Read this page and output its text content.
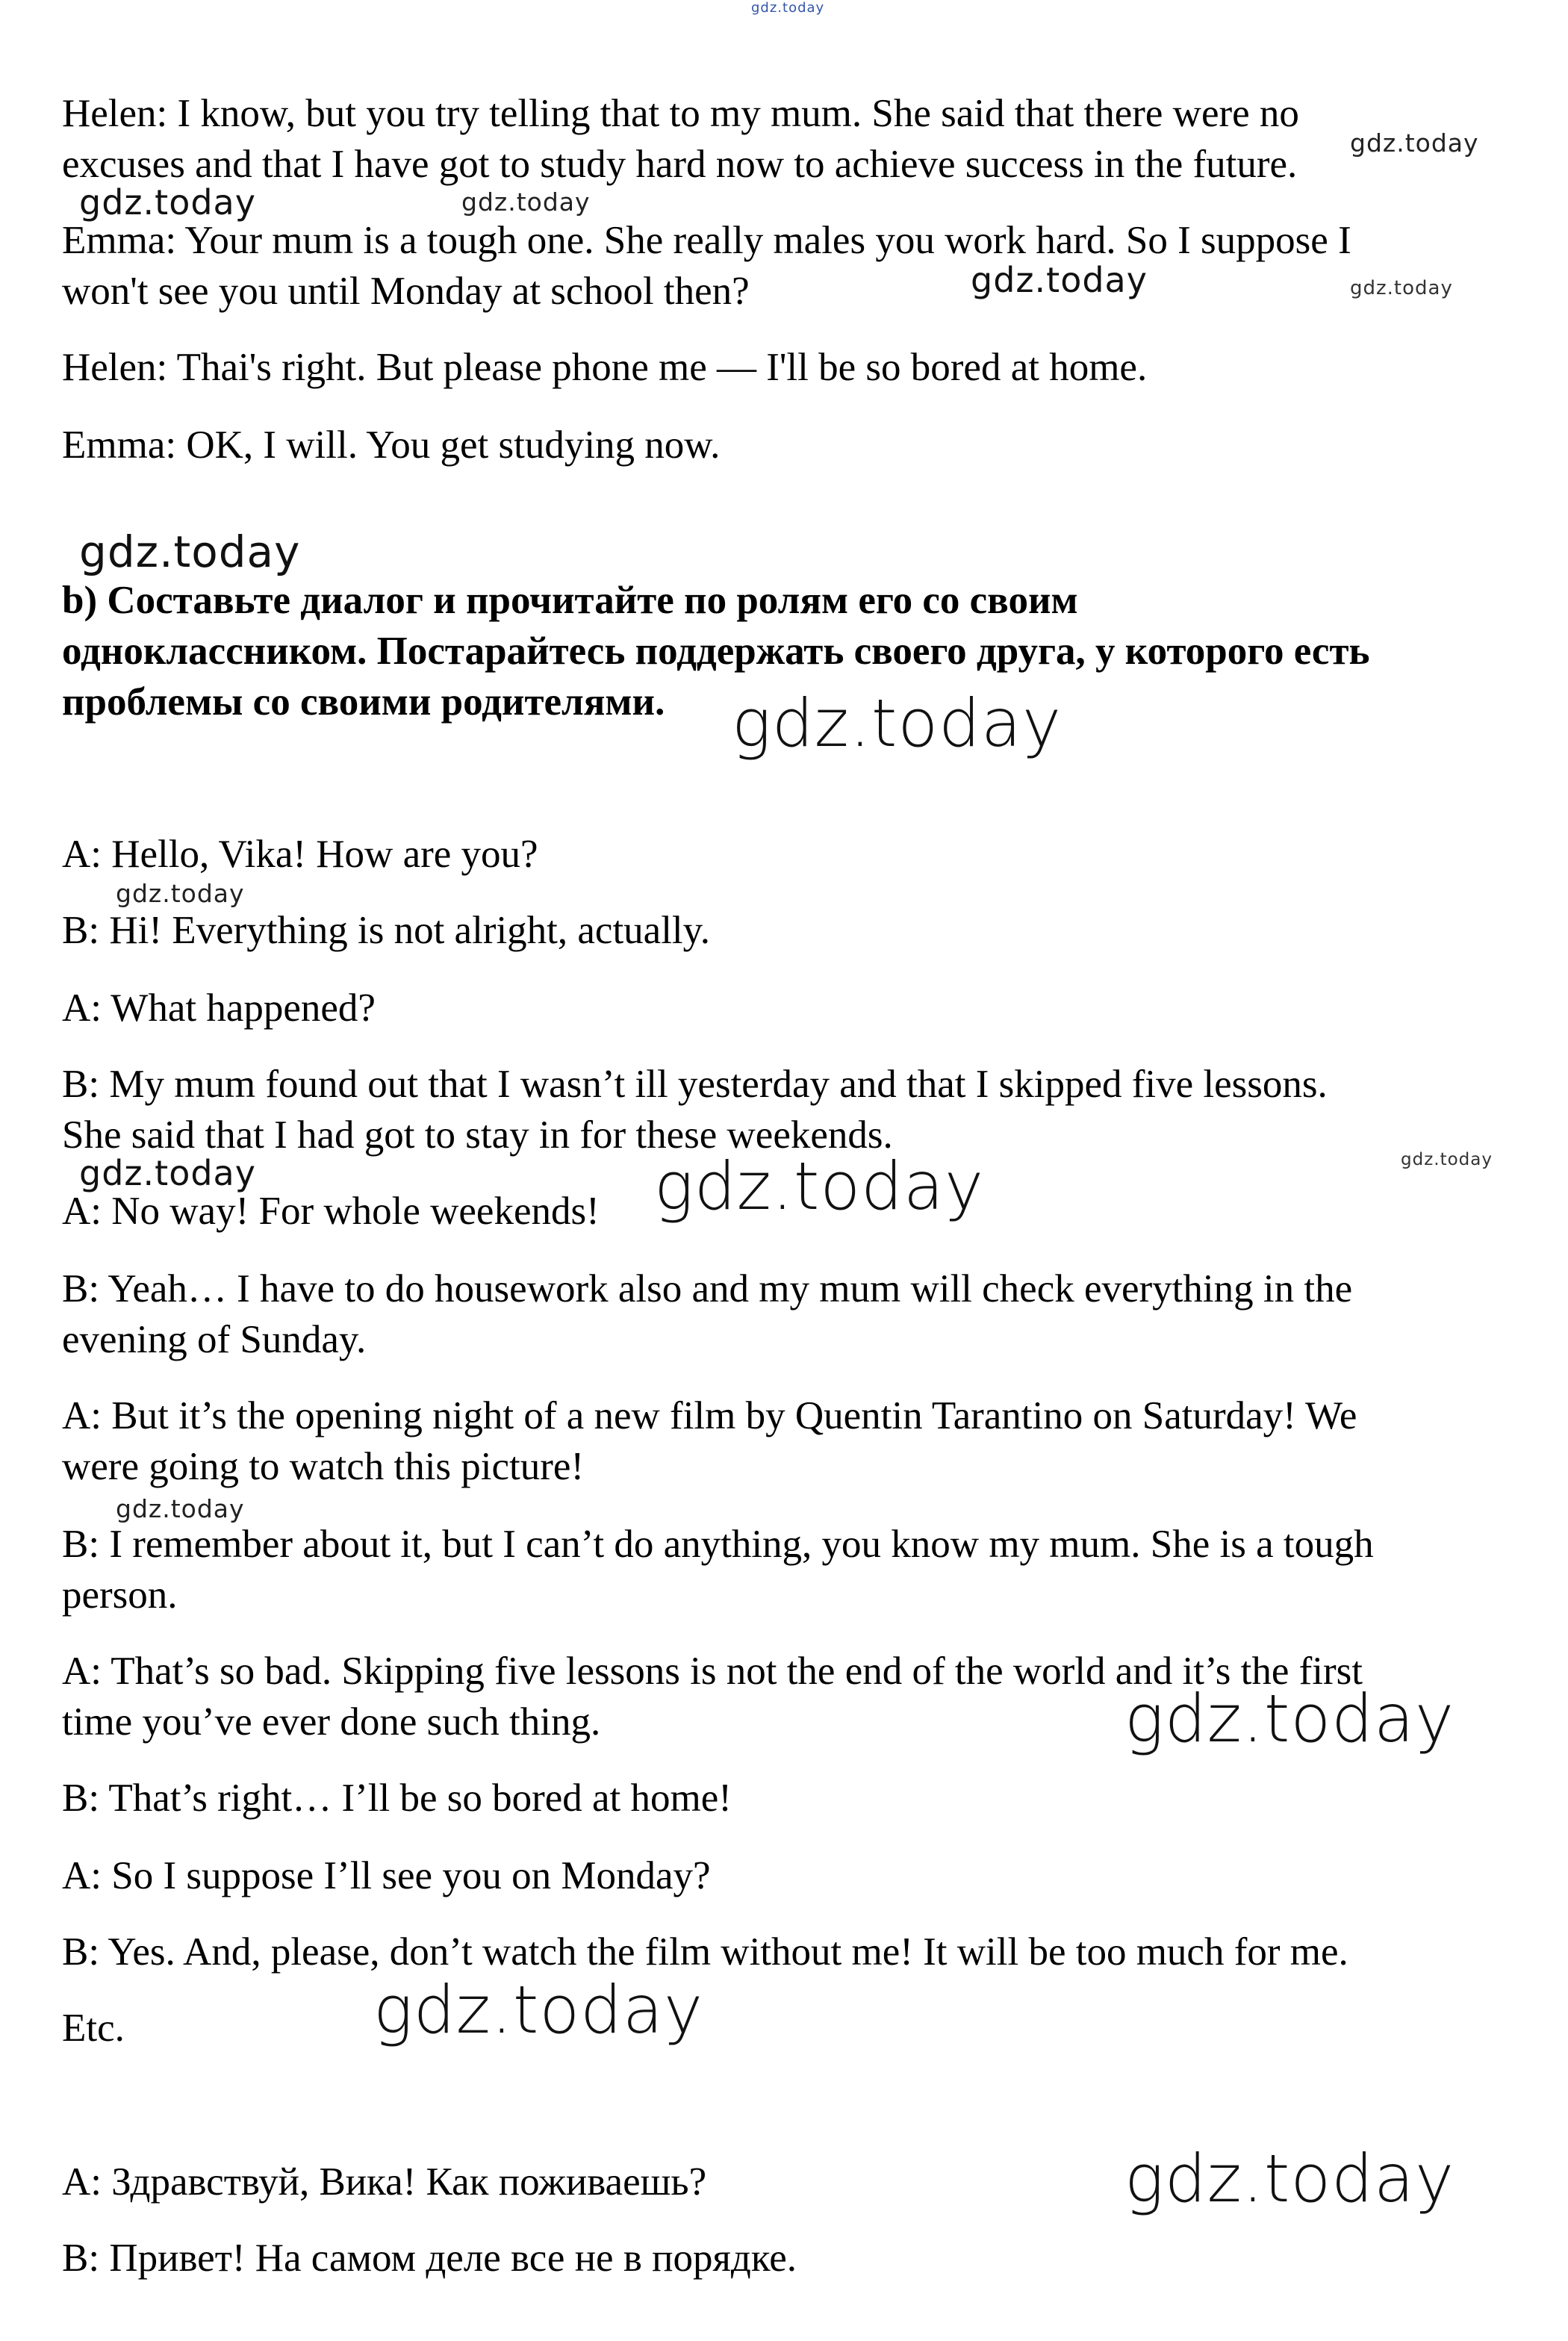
gdz.today
gdz.today
gdz.today	gdz.today
gdz.today	gdz.today
gdz.today
gdz.today
gdz.today
gdz.today	gdz.today
gdz.today
gdz.today
gdz.today
gdz.today
gdz.today
Helen: I know, but you try telling that to my mum. She said that there were no
excuses and that I have got to study hard now to achieve success in the future.
Emma: Your mum is a tough one. She really males you work hard. So I suppose I
won't see you until Monday at school then?
Helen: Thai's right. But please phone me — I'll be so bored at home.
Emma: OK, I will. You get studying now.
b) Составьте диалог и прочитайте по ролям его со своим
одноклассником. Постарайтесь поддержать своего друга, у которого есть
проблемы со своими родителями.
A: Hello, Vika! How are you?
B: Hi! Everything is not alright, actually.
A: What happened?
B: My mum found out that I wasn’t ill yesterday and that I skipped five lessons.
She said that I had got to stay in for these weekends.
A: No way! For whole weekends!
B: Yeah… I have to do housework also and my mum will check everything in the
evening of Sunday.
A: But it’s the opening night of a new film by Quentin Tarantino on Saturday! We
were going to watch this picture!
B: I remember about it, but I can’t do anything, you know my mum. She is a tough
person.
A: That’s so bad. Skipping five lessons is not the end of the world and it’s the first
time you’ve ever done such thing.
B: That’s right… I’ll be so bored at home!
A: So I suppose I’ll see you on Monday?
B: Yes. And, please, don’t watch the film without me! It will be too much for me.
Etc.
A: Здравствуй, Вика! Как поживаешь?
B: Привет! На самом деле все не в порядке.
